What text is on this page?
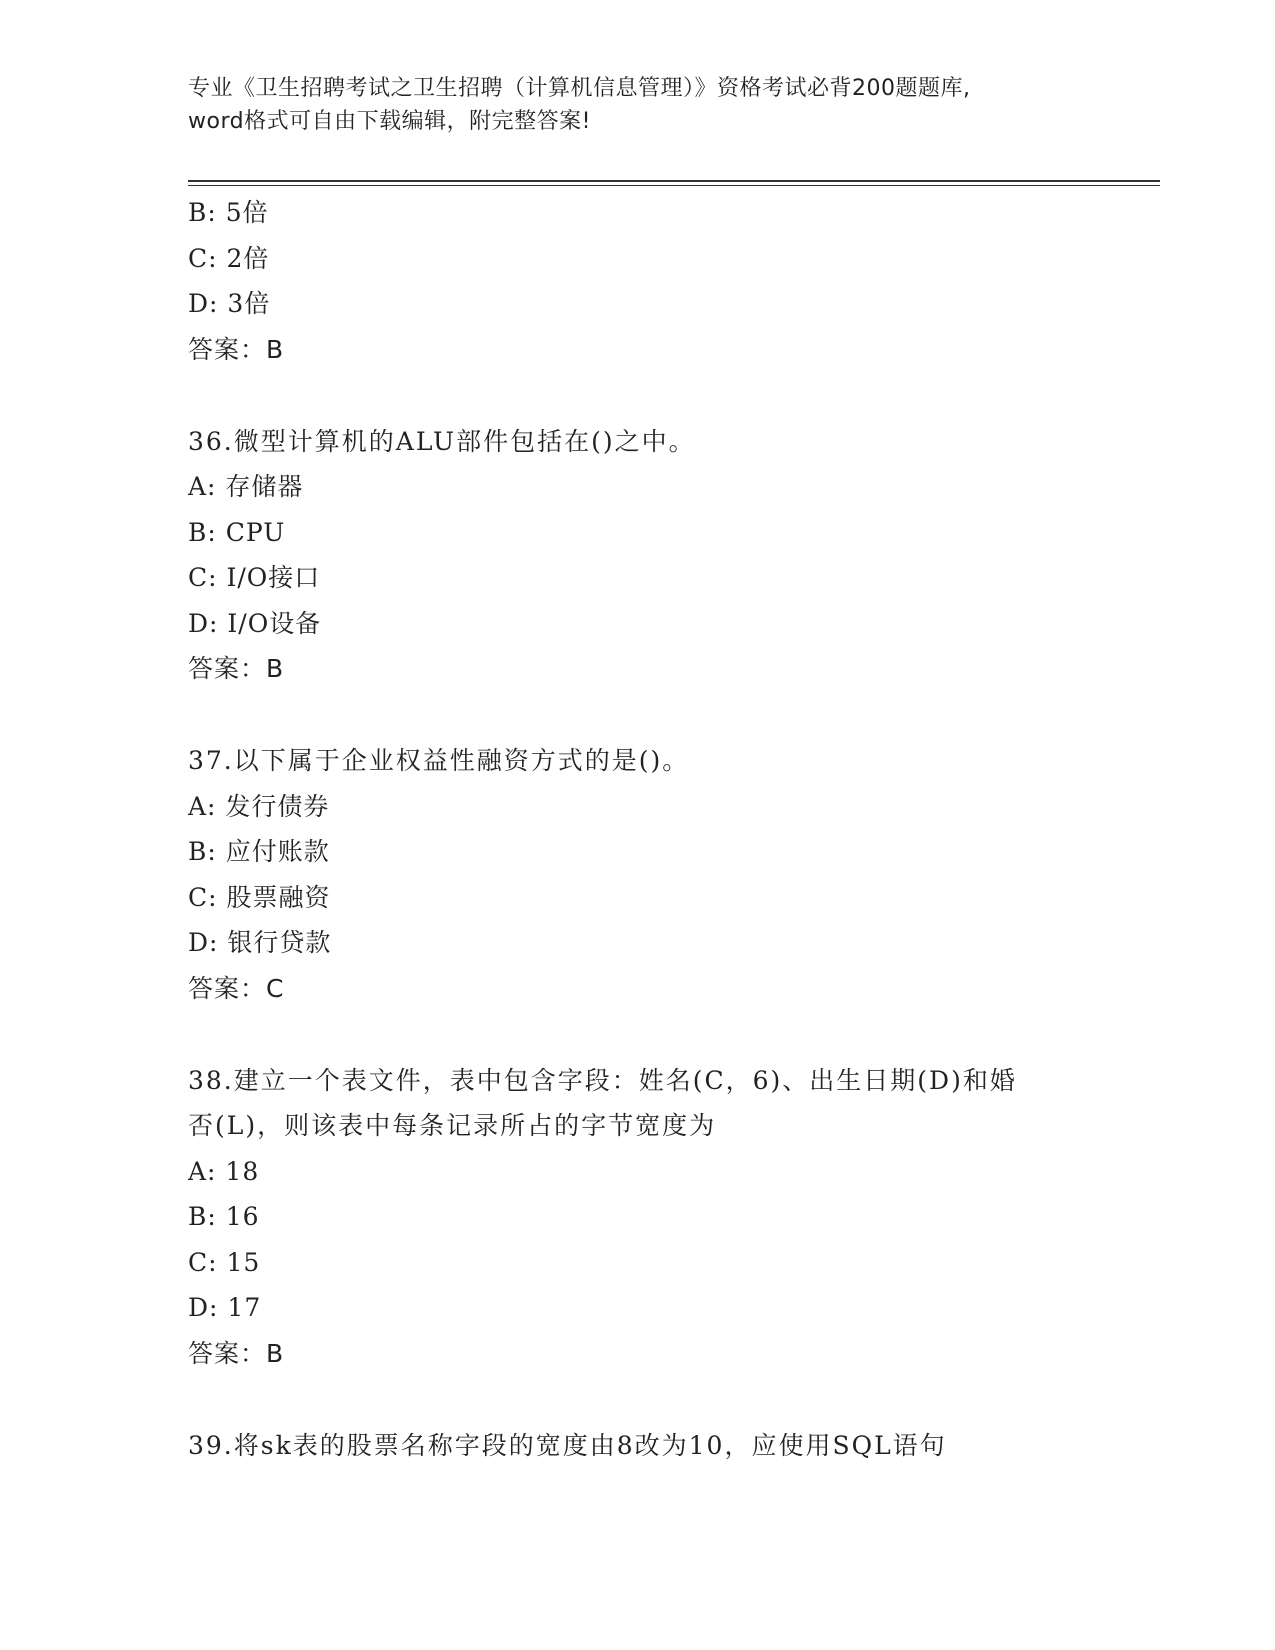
专业《卫生招聘考试之卫生招聘（计算机信息管理）》资格考试必背200题题库,
word格式可自由下载编辑，附完整答案!
B: 5倍
C: 2倍
D: 3倍
答案：B
36.微型计算机的ALU部件包括在()之中。
A: 存储器
B: CPU
C: I/O接口
D: I/O设备
答案：B
37.以下属于企业权益性融资方式的是()。
A: 发行债券
B: 应付账款
C: 股票融资
D: 银行贷款
答案：C
38.建立一个表文件，表中包含字段：姓名(C，6)、出生日期(D)和婚
否(L)，则该表中每条记录所占的字节宽度为
A: 18
B: 16
C: 15
D: 17
答案：B
39.将sk表的股票名称字段的宽度由8改为10，应使用SQL语句
